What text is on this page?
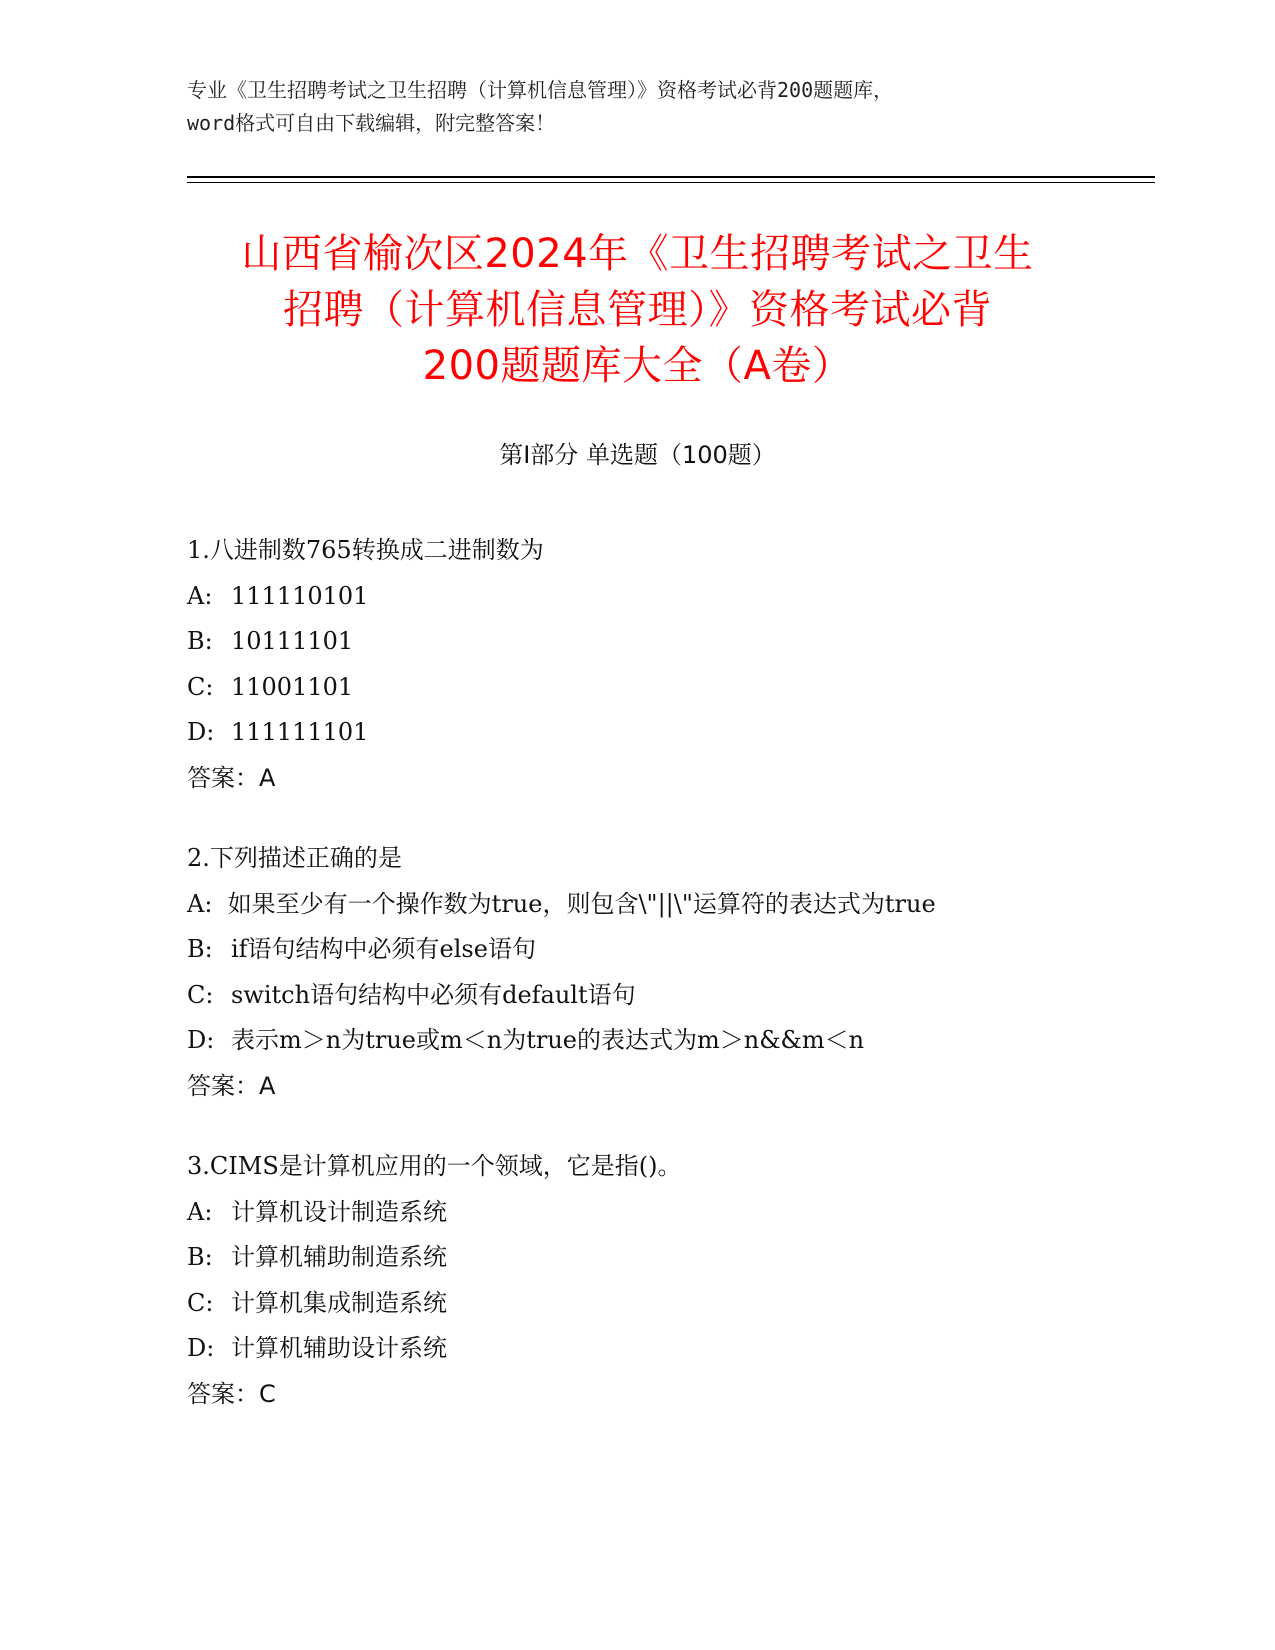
专业《卫生招聘考试之卫生招聘（计算机信息管理）》资格考试必背200题题库，
word格式可自由下载编辑，附完整答案！
山西省榆次区2024年《卫生招聘考试之卫生
招聘（计算机信息管理）》资格考试必背
200题题库大全（A卷）
第I部分 单选题（100题）
1.八进制数765转换成二进制数为
A: 111110101
B: 10111101
C: 11001101
D: 111111101
答案：A
2.下列描述正确的是
A: 如果至少有一个操作数为true，则包含\"||\"运算符的表达式为true
B: if语句结构中必须有else语句
C: switch语句结构中必须有default语句
D: 表示m＞n为true或m＜n为true的表达式为m＞n&&m＜n
答案：A
3.CIMS是计算机应用的一个领域，它是指()。
A: 计算机设计制造系统
B: 计算机辅助制造系统
C: 计算机集成制造系统
D: 计算机辅助设计系统
答案：C
